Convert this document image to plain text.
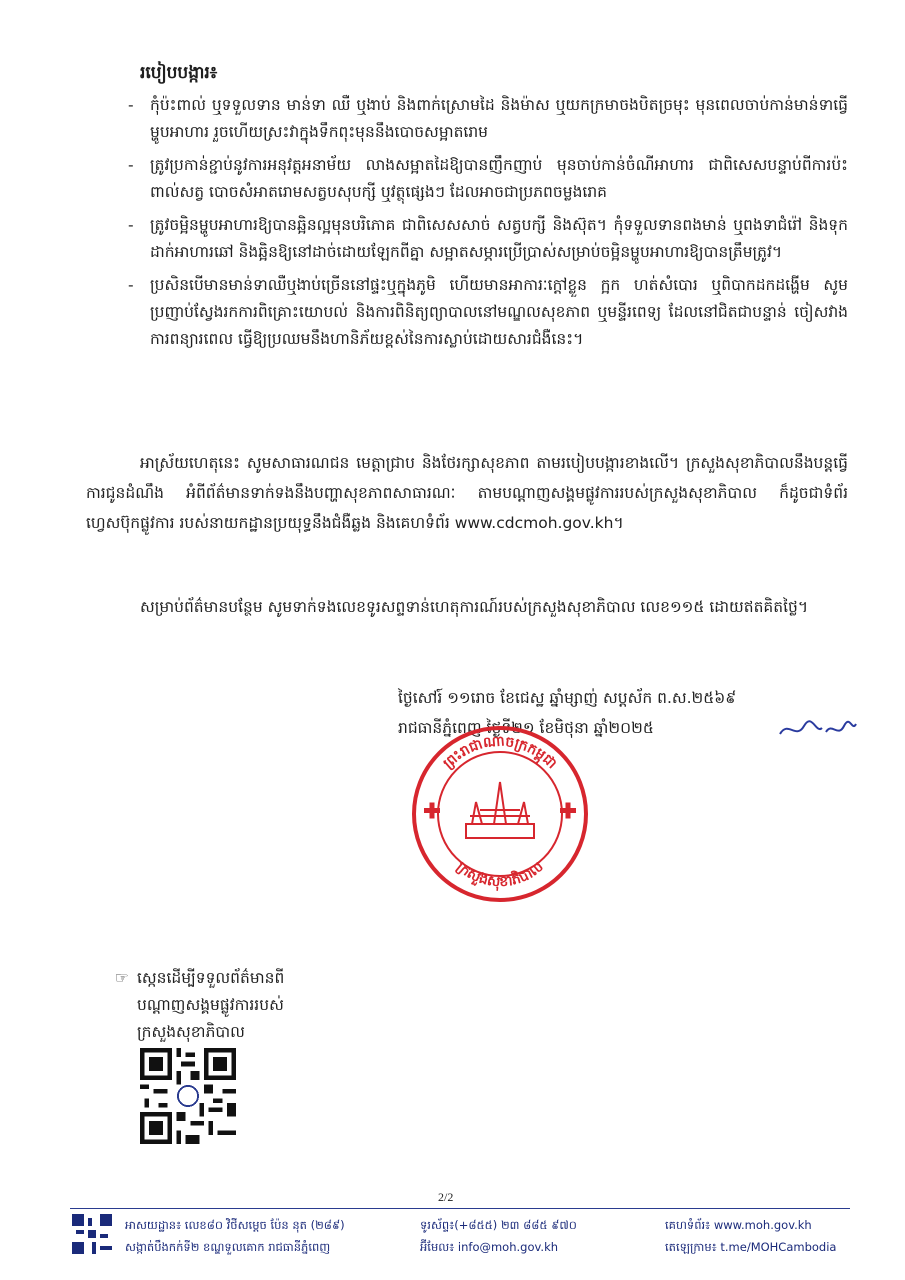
របៀបបង្ការ៖
- កុំប៉ះពាល់ ឬទទួលទាន មាន់ទា ឈឺ ឬងាប់ និងពាក់ស្រោមដៃ និងម៉ាស ឬយកក្រមាចងបិតច្រមុះ មុនពេលចាប់កាន់មាន់ទាធ្វើម្ហូបអាហារ រួចហើយស្រះវាក្នុងទឹកពុះមុននឹងបោចសម្អាតរោម
- ត្រូវប្រកាន់ខ្ជាប់នូវការអនុវត្តអនាម័យ លាងសម្អាតដៃឱ្យបានញឹកញាប់ មុនចាប់កាន់ចំណីអាហារ ជាពិសេសបន្ទាប់ពីការប៉ះពាល់សត្វ បោចសំអាតរោមសត្វបសុបក្សី ឬវត្ថុផ្សេងៗ ដែលអាចជាប្រភពចម្លងរោគ
- ត្រូវចម្អិនម្ហូបអាហារឱ្យបានឆ្អិនល្អមុនបរិភោគ ជាពិសេសសាច់ សត្វបក្សី និងស៊ុត។ កុំទទួលទានពងមាន់ ឬពងទាជំរ៉ៅ និងទុកដាក់អាហារឆៅ និងឆ្អិនឱ្យនៅដាច់ដោយឡែកពីគ្នា សម្អាតសម្ភារប្រើប្រាស់សម្រាប់ចម្អិនម្ហូបអាហារឱ្យបានត្រឹមត្រូវ។
- ប្រសិនបើមានមាន់ទាឈឺឬងាប់ច្រើននៅផ្ទះឬក្នុងភូមិ ហើយមានអាការៈក្តៅខ្លួន ក្អក ហត់សំបោរ ឬពិបាកដកដង្ហើម សូមប្រញាប់ស្វែងរកការពិគ្រោះយោបល់ និងការពិនិត្យព្យាបាលនៅមណ្ឌលសុខភាព ឬមន្ទីរពេទ្យ ដែលនៅជិតជាបន្ទាន់ ចៀសវាងការពន្យារពេល ធ្វើឱ្យប្រឈមនឹងហានិភ័យខ្ពស់នៃការស្លាប់ដោយសារជំងឺនេះ។

អាស្រ័យហេតុនេះ សូមសាធារណជន មេត្តាជ្រាប និងថែរក្សាសុខភាព តាមរបៀបបង្ការខាងលើ។ ក្រសួងសុខាភិបាលនឹងបន្តធ្វើការជូនដំណឹង អំពីព័ត៌មានទាក់ទងនឹងបញ្ហាសុខភាពសាធារណៈ តាមបណ្តាញសង្គមផ្លូវការរបស់ក្រសួងសុខាភិបាល ក៏ដូចជាទំព័រហ្វេសប៊ុកផ្លូវការ របស់នាយកដ្ឋានប្រយុទ្ធនឹងជំងឺឆ្លង និងគេហទំព័រ www.cdcmoh.gov.kh។

សម្រាប់ព័ត៌មានបន្ថែម សូមទាក់ទងលេខទូរសព្ទទាន់ហេតុការណ៍របស់ក្រសួងសុខាភិបាល លេខ១១៥ ដោយឥតគិតថ្លៃ។

ថ្ងៃសៅរ៍ ១១រោច ខែជេស្ឋ ឆ្នាំម្សាញ់ សប្តស័ក ព.ស.២៥៦៩
រាជធានីភ្នំពេញ ថ្ងៃទី២១ ខែមិថុនា ឆ្នាំ២០២៥
ព្រះរាជាណាចក្រកម្ពុជា
ក្រសួងសុខាភិបាល
☞ ស្កេនដើម្បីទទួលព័ត៌មានពី
បណ្តាញសង្គមផ្លូវការរបស់
ក្រសួងសុខាភិបាល
2/2
អាសយដ្ឋាន៖ លេខ៨០ វិថីសម្តេច ប៉ែន នុត (២៨៩)
សង្កាត់បឹងកក់ទី២ ខណ្ឌទួលគោក រាជធានីភ្នំពេញ
ទូរស័ព្ទ៖(+៨៥៥) ២៣ ៨៨៥ ៩៧០
អ៊ីមែល៖ info@moh.gov.kh
គេហទំព័រ៖ www.moh.gov.kh
តេឡេក្រាម៖ t.me/MOHCambodia
